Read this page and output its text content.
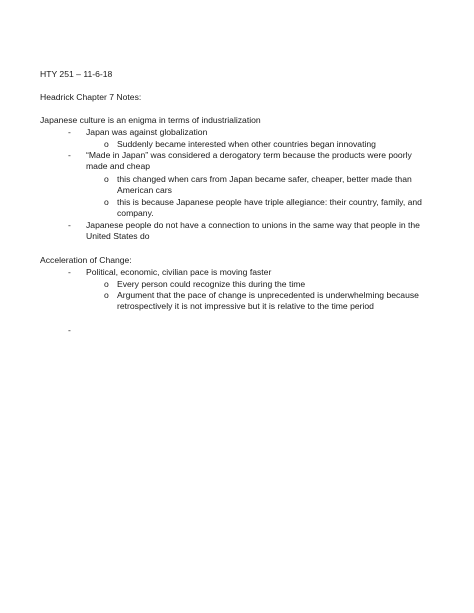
HTY 251 – 11-6-18
Headrick Chapter 7 Notes:
Japanese culture is an enigma in terms of industrialization
- Japan was against globalization
o Suddenly became interested when other countries began innovating
- “Made in Japan” was considered a derogatory term because the products were poorly made and cheap
o this changed when cars from Japan became safer, cheaper, better made than American cars
o this is because Japanese people have triple allegiance: their country, family, and company.
- Japanese people do not have a connection to unions in the same way that people in the United States do
Acceleration of Change:
- Political, economic, civilian pace is moving faster
o Every person could recognize this during the time
o Argument that the pace of change is unprecedented is underwhelming because retrospectively it is not impressive but it is relative to the time period
-
